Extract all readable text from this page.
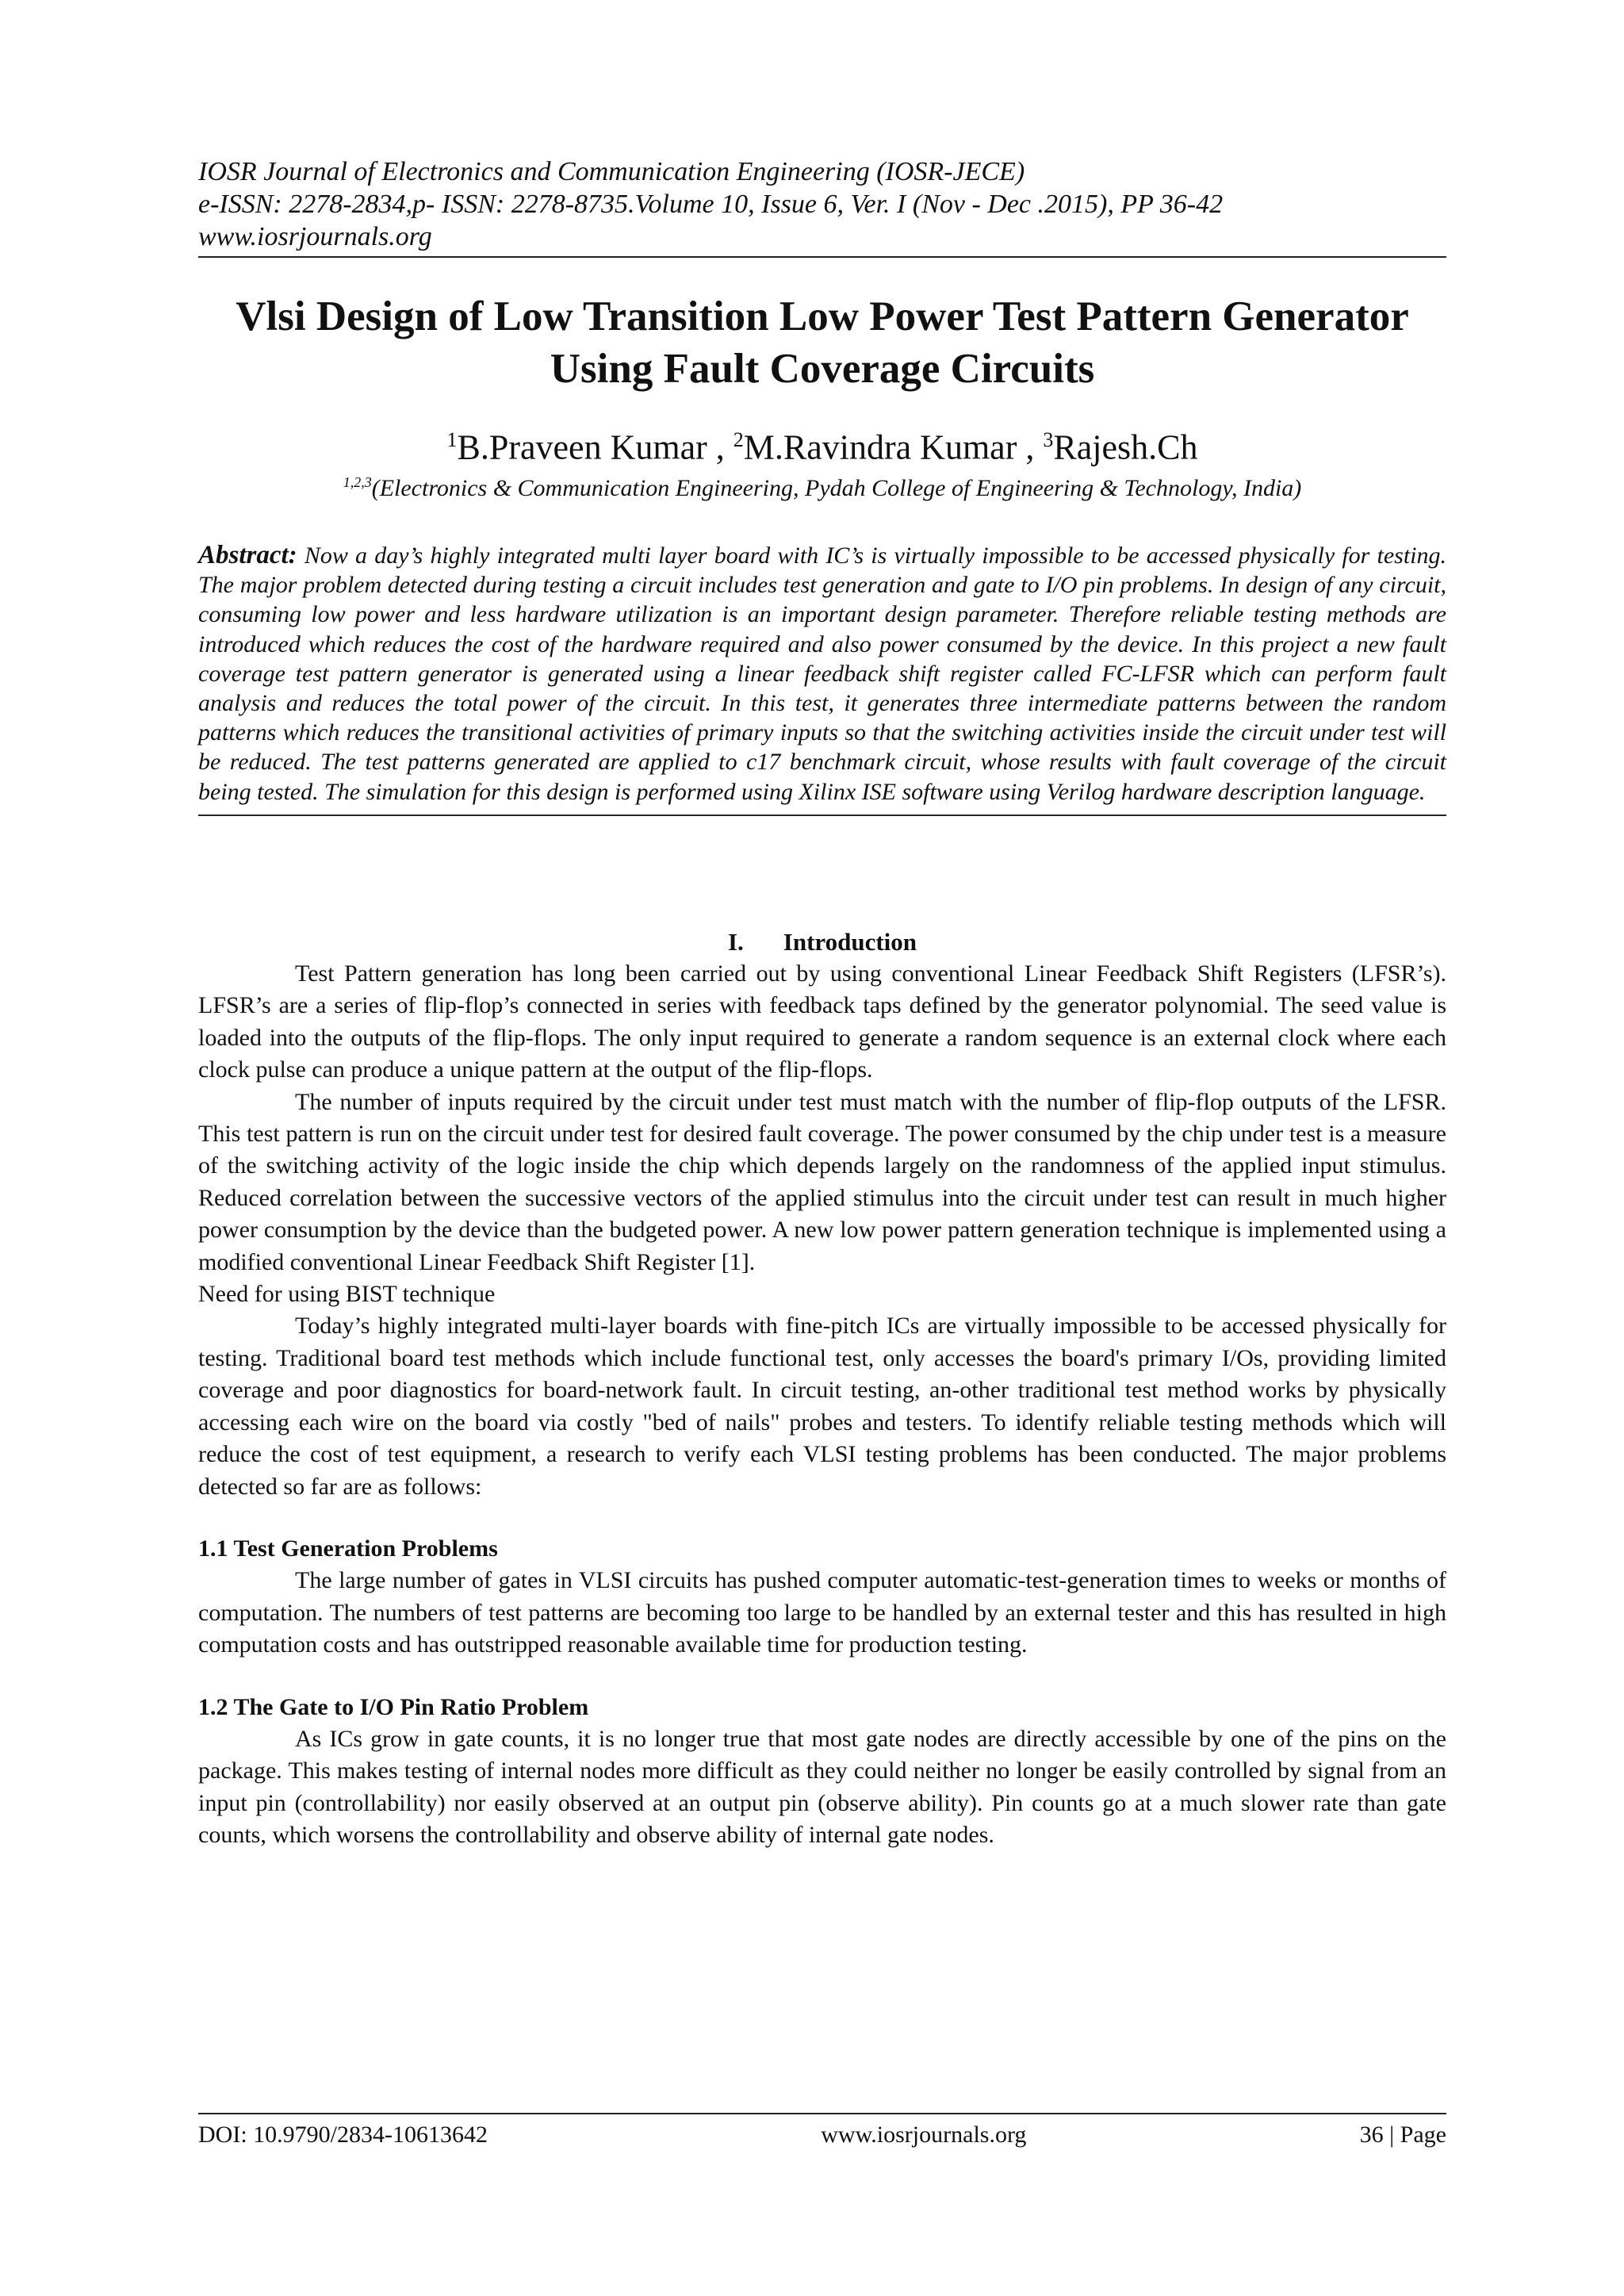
IOSR Journal of Electronics and Communication Engineering (IOSR-JECE)
e-ISSN: 2278-2834,p- ISSN: 2278-8735.Volume 10, Issue 6, Ver. I (Nov - Dec .2015), PP 36-42
www.iosrjournals.org
Vlsi Design of Low Transition Low Power Test Pattern Generator
Using Fault Coverage Circuits
$^1$B.Praveen Kumar , $^2$M.Ravindra Kumar , $^3$Rajesh.Ch
$^{1,2,3}$(Electronics & Communication Engineering, Pydah College of Engineering & Technology, India)

Abstract: Now a day’s highly integrated multi layer board with IC’s is virtually impossible to be accessed physically for testing. The major problem detected during testing a circuit includes test generation and gate to I/O pin problems. In design of any circuit, consuming low power and less hardware utilization is an important design parameter. Therefore reliable testing methods are introduced which reduces the cost of the hardware required and also power consumed by the device. In this project a new fault coverage test pattern generator is generated using a linear feedback shift register called FC-LFSR which can perform fault analysis and reduces the total power of the circuit. In this test, it generates three intermediate patterns between the random patterns which reduces the transitional activities of primary inputs so that the switching activities inside the circuit under test will be reduced. The test patterns generated are applied to c17 benchmark circuit, whose results with fault coverage of the circuit being tested. The simulation for this design is performed using Xilinx ISE software using Verilog hardware description language.

I. Introduction

Test Pattern generation has long been carried out by using conventional Linear Feedback Shift Registers (LFSR’s). LFSR’s are a series of flip-flop’s connected in series with feedback taps defined by the generator polynomial. The seed value is loaded into the outputs of the flip-flops. The only input required to generate a random sequence is an external clock where each clock pulse can produce a unique pattern at the output of the flip-flops.

The number of inputs required by the circuit under test must match with the number of flip-flop outputs of the LFSR. This test pattern is run on the circuit under test for desired fault coverage. The power consumed by the chip under test is a measure of the switching activity of the logic inside the chip which depends largely on the randomness of the applied input stimulus. Reduced correlation between the successive vectors of the applied stimulus into the circuit under test can result in much higher power consumption by the device than the budgeted power. A new low power pattern generation technique is implemented using a modified conventional Linear Feedback Shift Register [1].

Need for using BIST technique

Today’s highly integrated multi-layer boards with fine-pitch ICs are virtually impossible to be accessed physically for testing. Traditional board test methods which include functional test, only accesses the board's primary I/Os, providing limited coverage and poor diagnostics for board-network fault. In circuit testing, an-other traditional test method works by physically accessing each wire on the board via costly "bed of nails" probes and testers. To identify reliable testing methods which will reduce the cost of test equipment, a research to verify each VLSI testing problems has been conducted. The major problems detected so far are as follows:

1.1 Test Generation Problems

The large number of gates in VLSI circuits has pushed computer automatic-test-generation times to weeks or months of computation. The numbers of test patterns are becoming too large to be handled by an external tester and this has resulted in high computation costs and has outstripped reasonable available time for production testing.

1.2 The Gate to I/O Pin Ratio Problem

As ICs grow in gate counts, it is no longer true that most gate nodes are directly accessible by one of the pins on the package. This makes testing of internal nodes more difficult as they could neither no longer be easily controlled by signal from an input pin (controllability) nor easily observed at an output pin (observe ability). Pin counts go at a much slower rate than gate counts, which worsens the controllability and observe ability of internal gate nodes.

DOI: 10.9790/2834-10613642	www.iosrjournals.org	36 | Page
